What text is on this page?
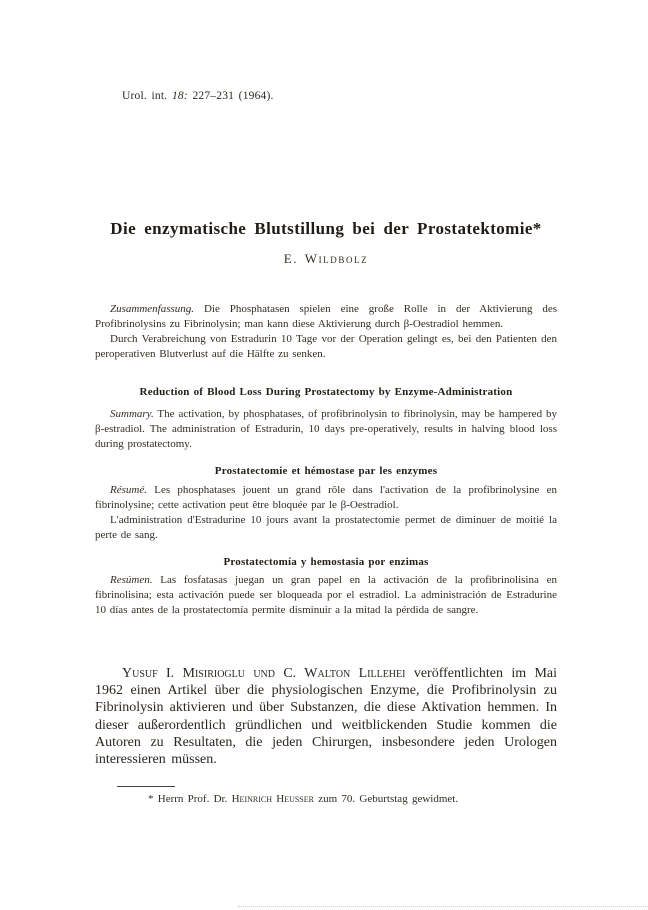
Urol. int. 18: 227–231 (1964).
Die enzymatische Blutstillung bei der Prostatektomie*
E. Wildbolz

Zusammenfassung. Die Phosphatasen spielen eine große Rolle in der Aktivierung des Profibrinolysins zu Fibrinolysin; man kann diese Aktivierung durch β-Oestradiol hemmen.

Durch Verabreichung von Estradurin 10 Tage vor der Operation gelingt es, bei den Patienten den peroperativen Blutverlust auf die Hälfte zu senken.

Reduction of Blood Loss During Prostatectomy by Enzyme-Administration

Summary. The activation, by phosphatases, of profibrinolysin to fibrinolysin, may be hampered by β-estradiol. The administration of Estradurin, 10 days pre-operatively, results in halving blood loss during prostatectomy.

Prostatectomie et hémostase par les enzymes

Résumé. Les phosphatases jouent un grand rôle dans l'activation de la profibrinolysine en fibrinolysine; cette activation peut être bloquée par le β-Oestradiol.

L'administration d'Estradurine 10 jours avant la prostatectomie permet de diminuer de moitié la perte de sang.

Prostatectomía y hemostasia por enzimas

Resúmen. Las fosfatasas juegan un gran papel en la activación de la profibrinolisina en fibrinolisina; esta activación puede ser bloqueada por el estradiol. La administración de Estradurine 10 días antes de la prostatectomía permite disminuir a la mitad la pérdida de sangre.

Yusuf I. Misirioglu und C. Walton Lillehei veröffentlichten im Mai 1962 einen Artikel über die physiologischen Enzyme, die Profibrinolysin zu Fibrinolysin aktivieren und über Substanzen, die diese Aktivation hemmen. In dieser außerordentlich gründlichen und weitblickenden Studie kommen die Autoren zu Resultaten, die jeden Chirurgen, insbesondere jeden Urologen interessieren müssen.

* Herrn Prof. Dr. Heinrich Heusser zum 70. Geburtstag gewidmet.
